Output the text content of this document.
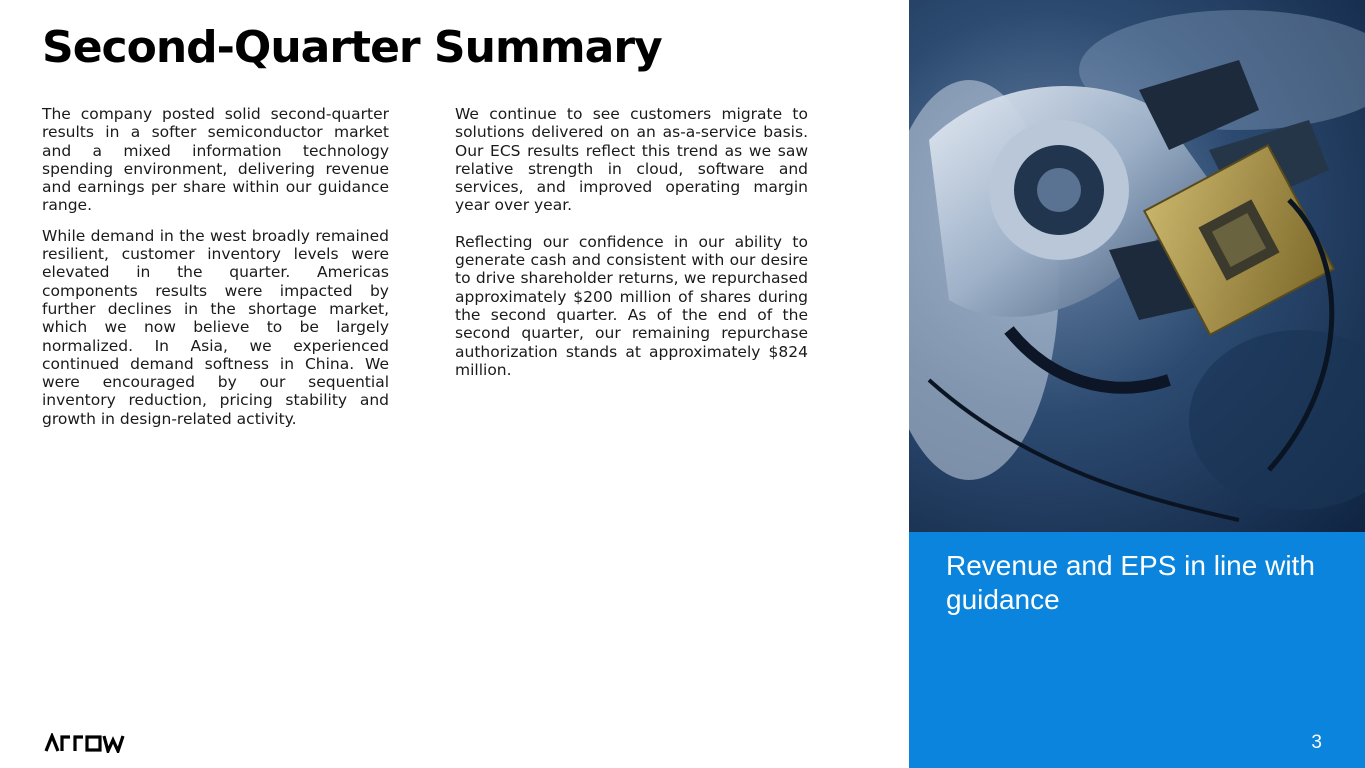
Second-Quarter Summary

The company posted solid second-quarter results in a softer semiconductor market and a mixed information technology spending environment, delivering revenue and earnings per share within our guidance range.

While demand in the west broadly remained resilient, customer inventory levels were elevated in the quarter. Americas components results were impacted by further declines in the shortage market, which we now believe to be largely normalized. In Asia, we experienced continued demand softness in China. We were encouraged by our sequential inventory reduction, pricing stability and growth in design-related activity.

We continue to see customers migrate to solutions delivered on an as-a-service basis. Our ECS results reflect this trend as we saw relative strength in cloud, software and services, and improved operating margin year over year.

Reflecting our confidence in our ability to generate cash and consistent with our desire to drive shareholder returns, we repurchased approximately $200 million of shares during the second quarter. As of the end of the second quarter, our remaining repurchase authorization stands at approximately $824 million.

Revenue and EPS in line with guidance
3
